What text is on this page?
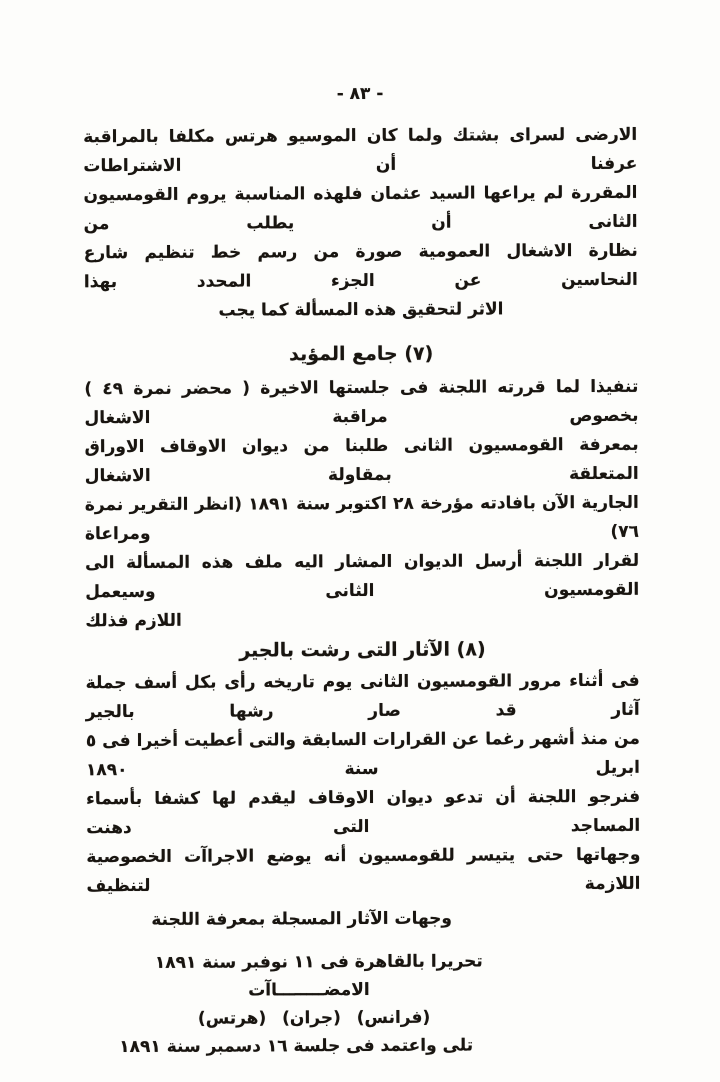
- ٨٣ -
الارضى لسراى بشتك ولما كان الموسيو هرتس مكلفا بالمراقبة عرفنا أن الاشتراطات
المقررة لم يراعها السيد عثمان فلهذه المناسبة يروم القومسيون الثانى أن يطلب من
نظارة الاشغال العمومية صورة من رسم خط تنظيم شارع النحاسين عن الجزء المحدد بهذا
الاثر لتحقيق هذه المسألة كما يجب
(٧) جامع المؤيد
تنفيذا لما قررته اللجنة فى جلستها الاخيرة ( محضر نمرة ٤٩ ) بخصوص مراقبة الاشغال
بمعرفة القومسيون الثانى طلبنا من ديوان الاوقاف الاوراق المتعلقة بمقاولة الاشغال
الجارية الآن بافادته مؤرخة ٢٨ اكتوبر سنة ١٨٩١ (انظر التقرير نمرة ٧٦) ومراعاة
لقرار اللجنة أرسل الديوان المشار اليه ملف هذه المسألة الى القومسيون الثانى وسيعمل
اللازم فذلك
(٨) الآثار التى رشت بالجير
فى أثناء مرور القومسيون الثانى يوم تاريخه رأى بكل أسف جملة آثار قد صار رشها بالجير
من منذ أشهر رغما عن القرارات السابقة والتى أعطيت أخيرا فى ٥ ابريل سنة ١٨٩٠
فنرجو اللجنة أن تدعو ديوان الاوقاف ليقدم لها كشفا بأسماء المساجد التى دهنت
وجهاتها حتى يتيسر للقومسيون أنه يوضع الاجراآت الخصوصية اللازمة لتنظيف
وجهات الآثار المسجلة بمعرفة اللجنة
تحريرا بالقاهرة فى ١١ نوفبر سنة ١٨٩١
الامضــــــــاآت
(فرانس) (جران) (هرتس)
تلى واعتمد فى جلسة ١٦ دسمبر سنة ١٨٩١
